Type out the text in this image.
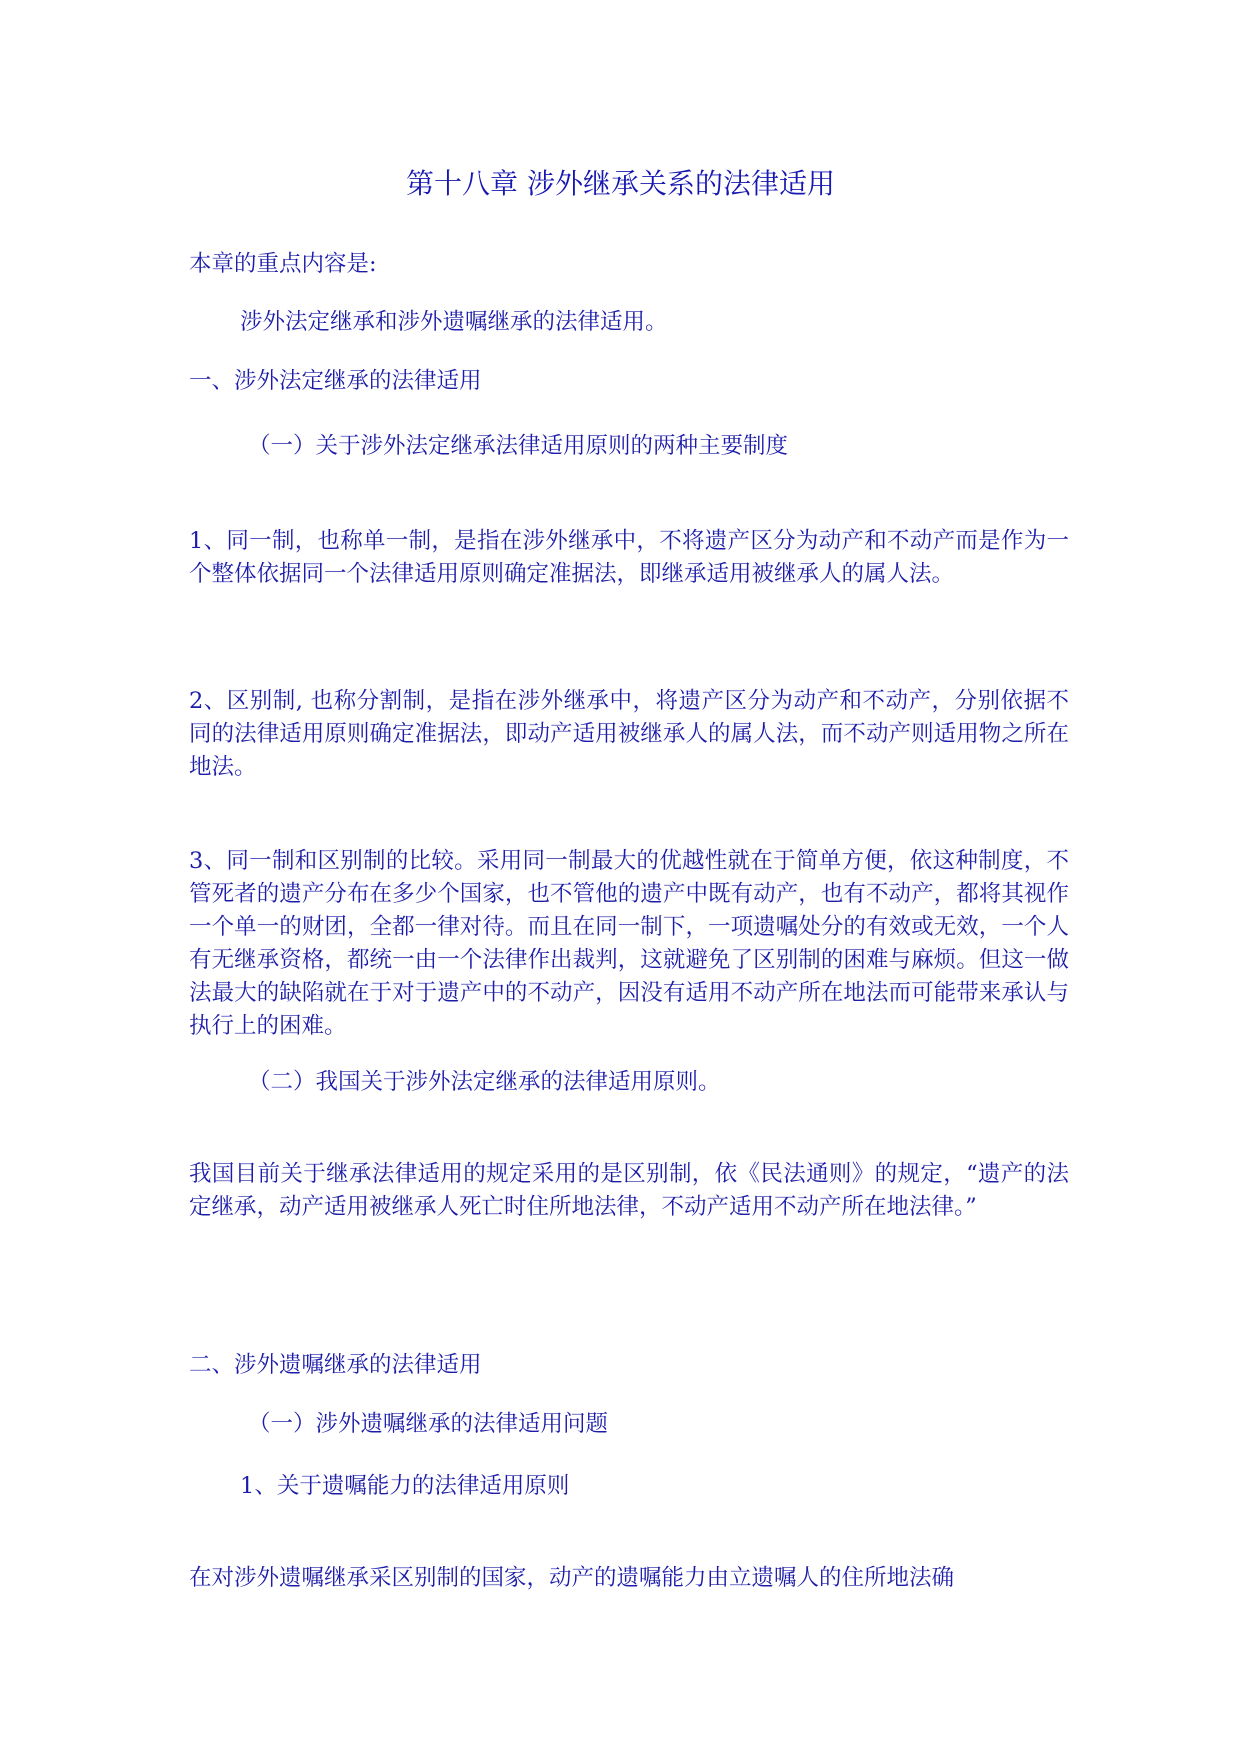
第十八章 涉外继承关系的法律适用

本章的重点内容是:

涉外法定继承和涉外遗嘱继承的法律适用。

一、涉外法定继承的法律适用

（一）关于涉外法定继承法律适用原则的两种主要制度

1、同一制，也称单一制，是指在涉外继承中，不将遗产区分为动产和不动产而是作为一个整体依据同一个法律适用原则确定准据法，即继承适用被继承人的属人法。

2、区别制, 也称分割制，是指在涉外继承中，将遗产区分为动产和不动产，分别依据不同的法律适用原则确定准据法，即动产适用被继承人的属人法，而不动产则适用物之所在地法。

3、同一制和区别制的比较。采用同一制最大的优越性就在于简单方便，依这种制度，不管死者的遗产分布在多少个国家，也不管他的遗产中既有动产，也有不动产，都将其视作一个单一的财团，全都一律对待。而且在同一制下，一项遗嘱处分的有效或无效，一个人有无继承资格，都统一由一个法律作出裁判，这就避免了区别制的困难与麻烦。但这一做法最大的缺陷就在于对于遗产中的不动产，因没有适用不动产所在地法而可能带来承认与执行上的困难。

（二）我国关于涉外法定继承的法律适用原则。

我国目前关于继承法律适用的规定采用的是区别制，依《民法通则》的规定，“遗产的法定继承，动产适用被继承人死亡时住所地法律，不动产适用不动产所在地法律。”

二、涉外遗嘱继承的法律适用

（一）涉外遗嘱继承的法律适用问题

1、关于遗嘱能力的法律适用原则

在对涉外遗嘱继承采区别制的国家，动产的遗嘱能力由立遗嘱人的住所地法确
